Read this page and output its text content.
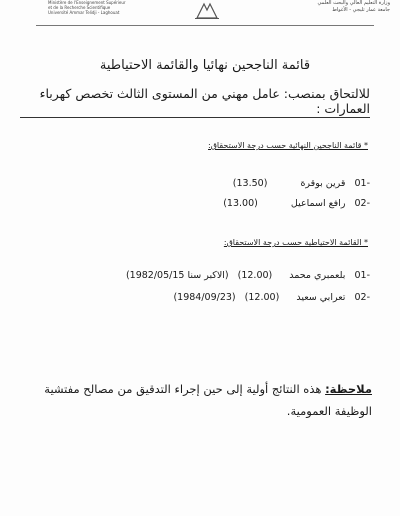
Ministère de l'Enseignement Supérieur
et de la Recherche Scientifique
Université Ammar Telidji - Laghouat
وزارة التعليم العالي والبحث العلمي
جامعة عمار ثليجي - الأغواط
قائمة الناجحين نهائيا والقائمة الاحتياطية
للالتحاق بمنصب: عامل مهني من المستوى الثالث تخصص كهرباء العمارات :
* قائمة الناجحين النهائية حسب درجة الاستحقاق:
-01 قرين بوقرة (13.50)
-02 رافع اسماعيل (13.00)
* القائمة الاحتياطية حسب درجة الاستحقاق:
-01 بلعمبري محمد (12.00) (الاكبر سنا 1982/05/15)
-02 تعرابي سعيد (12.00) (1984/09/23)
ملاحظة: هذه النتائج أولية إلى حين إجراء التدقيق من مصالح مفتشية الوظيفة العمومية.
